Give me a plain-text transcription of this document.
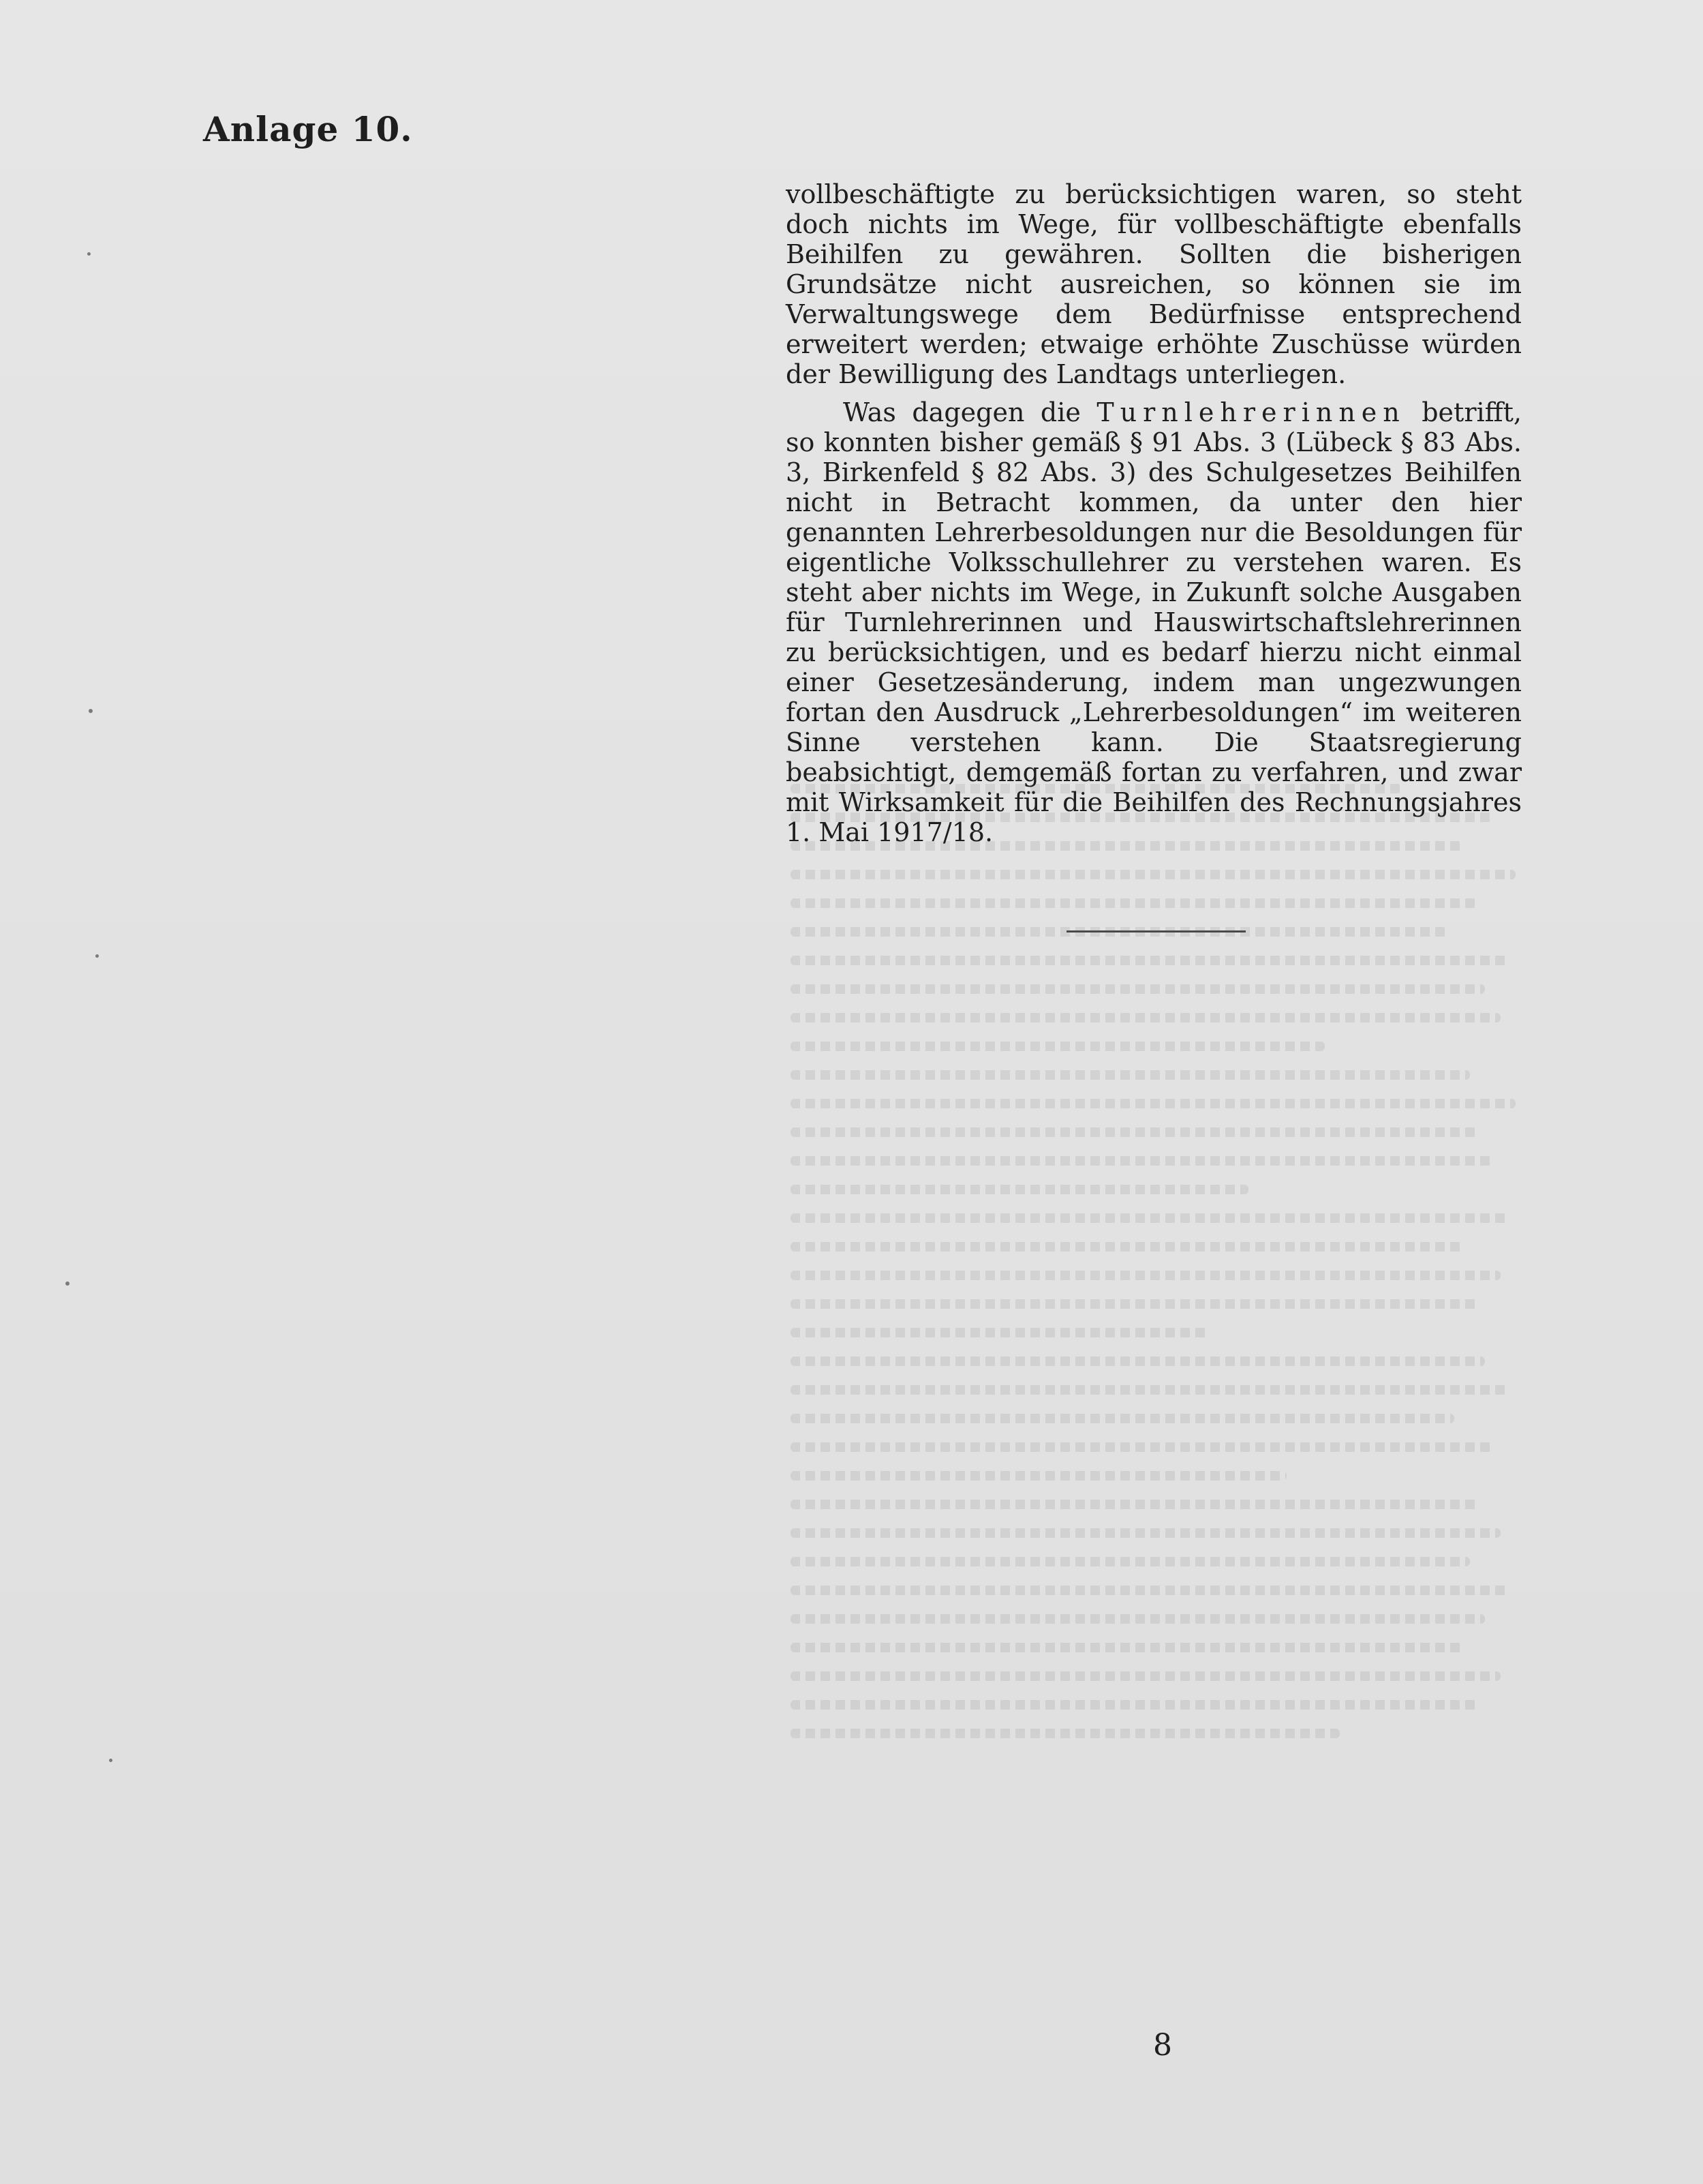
Anlage 10.

vollbeschäftigte zu berücksichtigen waren, so steht doch nichts im Wege, für vollbeschäftigte ebenfalls Beihilfen zu gewähren. Sollten die bisherigen Grundsätze nicht ausreichen, so können sie im Verwaltungswege dem Bedürfnisse entsprechend erweitert werden; etwaige erhöhte Zuschüsse würden der Bewilligung des Landtags unterliegen.

Was dagegen die Turnlehrerinnen betrifft, so konnten bisher gemäß § 91 Abs. 3 (Lübeck § 83 Abs. 3, Birkenfeld § 82 Abs. 3) des Schulgesetzes Beihilfen nicht in Betracht kommen, da unter den hier genannten Lehrerbesoldungen nur die Besoldungen für eigentliche Volksschullehrer zu verstehen waren. Es steht aber nichts im Wege, in Zukunft solche Ausgaben für Turnlehrerinnen und Hauswirtschaftslehrerinnen zu berücksichtigen, und es bedarf hierzu nicht einmal einer Gesetzesänderung, indem man ungezwungen fortan den Ausdruck „Lehrerbesoldungen“ im weiteren Sinne verstehen kann. Die Staatsregierung beabsichtigt, demgemäß fortan zu verfahren, und zwar mit Wirksamkeit für die Beihilfen des Rechnungsjahres 1. Mai 1917/18.

8
